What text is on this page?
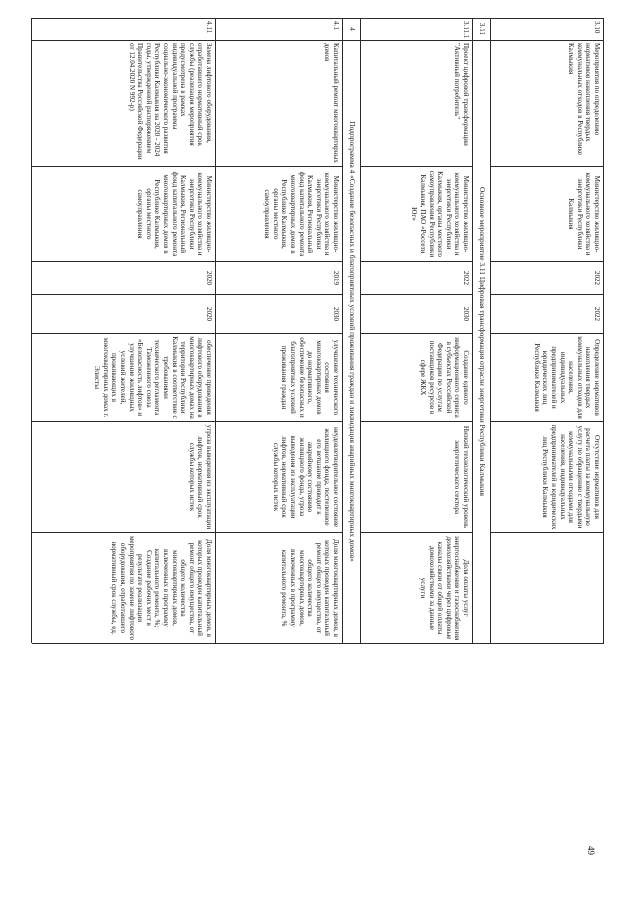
3.10
Мероприятия по определению нормативов накопления твердых коммунальных отходов в Республике Калмыкия
Министерство жилищно-коммунального хозяйства и энергетики Республики Калмыкия
2022
2022
Определение нормативов накопления твердых коммунальных отходов для населения, индивидуальных предпринимателей и юридических лиц Республики Калмыкия
Отсутствие нормативов для расчета платы за коммунальную услугу по обращению с твердыми коммунальными отходами для населения, индивидуальных предпринимателей и юридических лиц Республики Калмыкия
3.11
Основное мероприятие 3.11 Цифровая трансформация отрасли энергетики Республики Калмыкия
3.11.1
Проект цифровой трансформации "Активный потребитель"
Министерство жилищно-коммунального хозяйства и энергетики Республики Калмыкия, органы местного самоуправления Республики Калмыкия, ПАО «Россети Юг»
2022
2030
Создание единого информационного сервиса в субъектах Российской Федерации по услугам поставщиков ресурсов в сфере ЖКХ
Низкий технологический уровень энергетического сектора
Доля оплаты услуг энергоснабжения и газоснабжения домохозяйствами через цифровые каналы связи от общей оплаты домохозяйствами за данные услуги
4
Подпрограмма 4 «Создание безопасных и благоприятных условий проживания граждан и ликвидация аварийных многоквартирных домов»
4.1
Капитальный ремонт многоквартирных домов
Министерство жилищно-коммунального хозяйства и энергетики Республики Калмыкия, Региональный фонд капитального ремонта многоквартирных домов в Республике Калмыкия, органы местного самоуправления
2019
2030
улучшение технического состояния многоквартирных домов до нормативного, обеспечение безопасных и благоприятных условий проживания граждан
неудовлетворительное состояние жилищного фонда, постепенное его ветшание приводит к аварийному состоянию жилищного фонда, угроза выведения из эксплуатации лифтов, нормативный срок службы которых истек
Доля многоквартирных домов, в которых проведен капитальный ремонт общего имущества, от общего количества многоквартирных домов, включенных в программу капитального ремонта, %
4.11
Замена лифтового оборудования, отработавшего нормативный срок службы (реализация мероприятия предусмотрена в рамках индивидуальной программы социально-экономического развития Республики Калмыкия на 2020 - 2024 годы, утвержденной распоряжением Правительства Российской Федерации от 12.04.2020 N 992-р)
Министерство жилищно-коммунального хозяйства и энергетики Республики Калмыкия, Региональный фонд капитального ремонта многоквартирных домов в Республике Калмыкия, органы местного самоуправления
2020
2020
обеспечение приведения лифтового оборудования в многоквартирных домах на территории Республики Калмыкия в соответствие с требованиями технического регламента Таможенного союза «Безопасность лифтов» и улучшение жилищных условий жителей, проживающих в многоквартирных домах г. Элисты
угроза выведения из эксплуатации лифтов, нормативный срок службы которых истек
Доля многоквартирных домов, в которых проведен капитальный ремонт общего имущества, от общего количества многоквартирных домов, включенных в программу капитального ремонта, %; Создание рабочих мест в результате реализации мероприятия по замене лифтового оборудования, отработавшего нормативный срок службы, ед.
49
